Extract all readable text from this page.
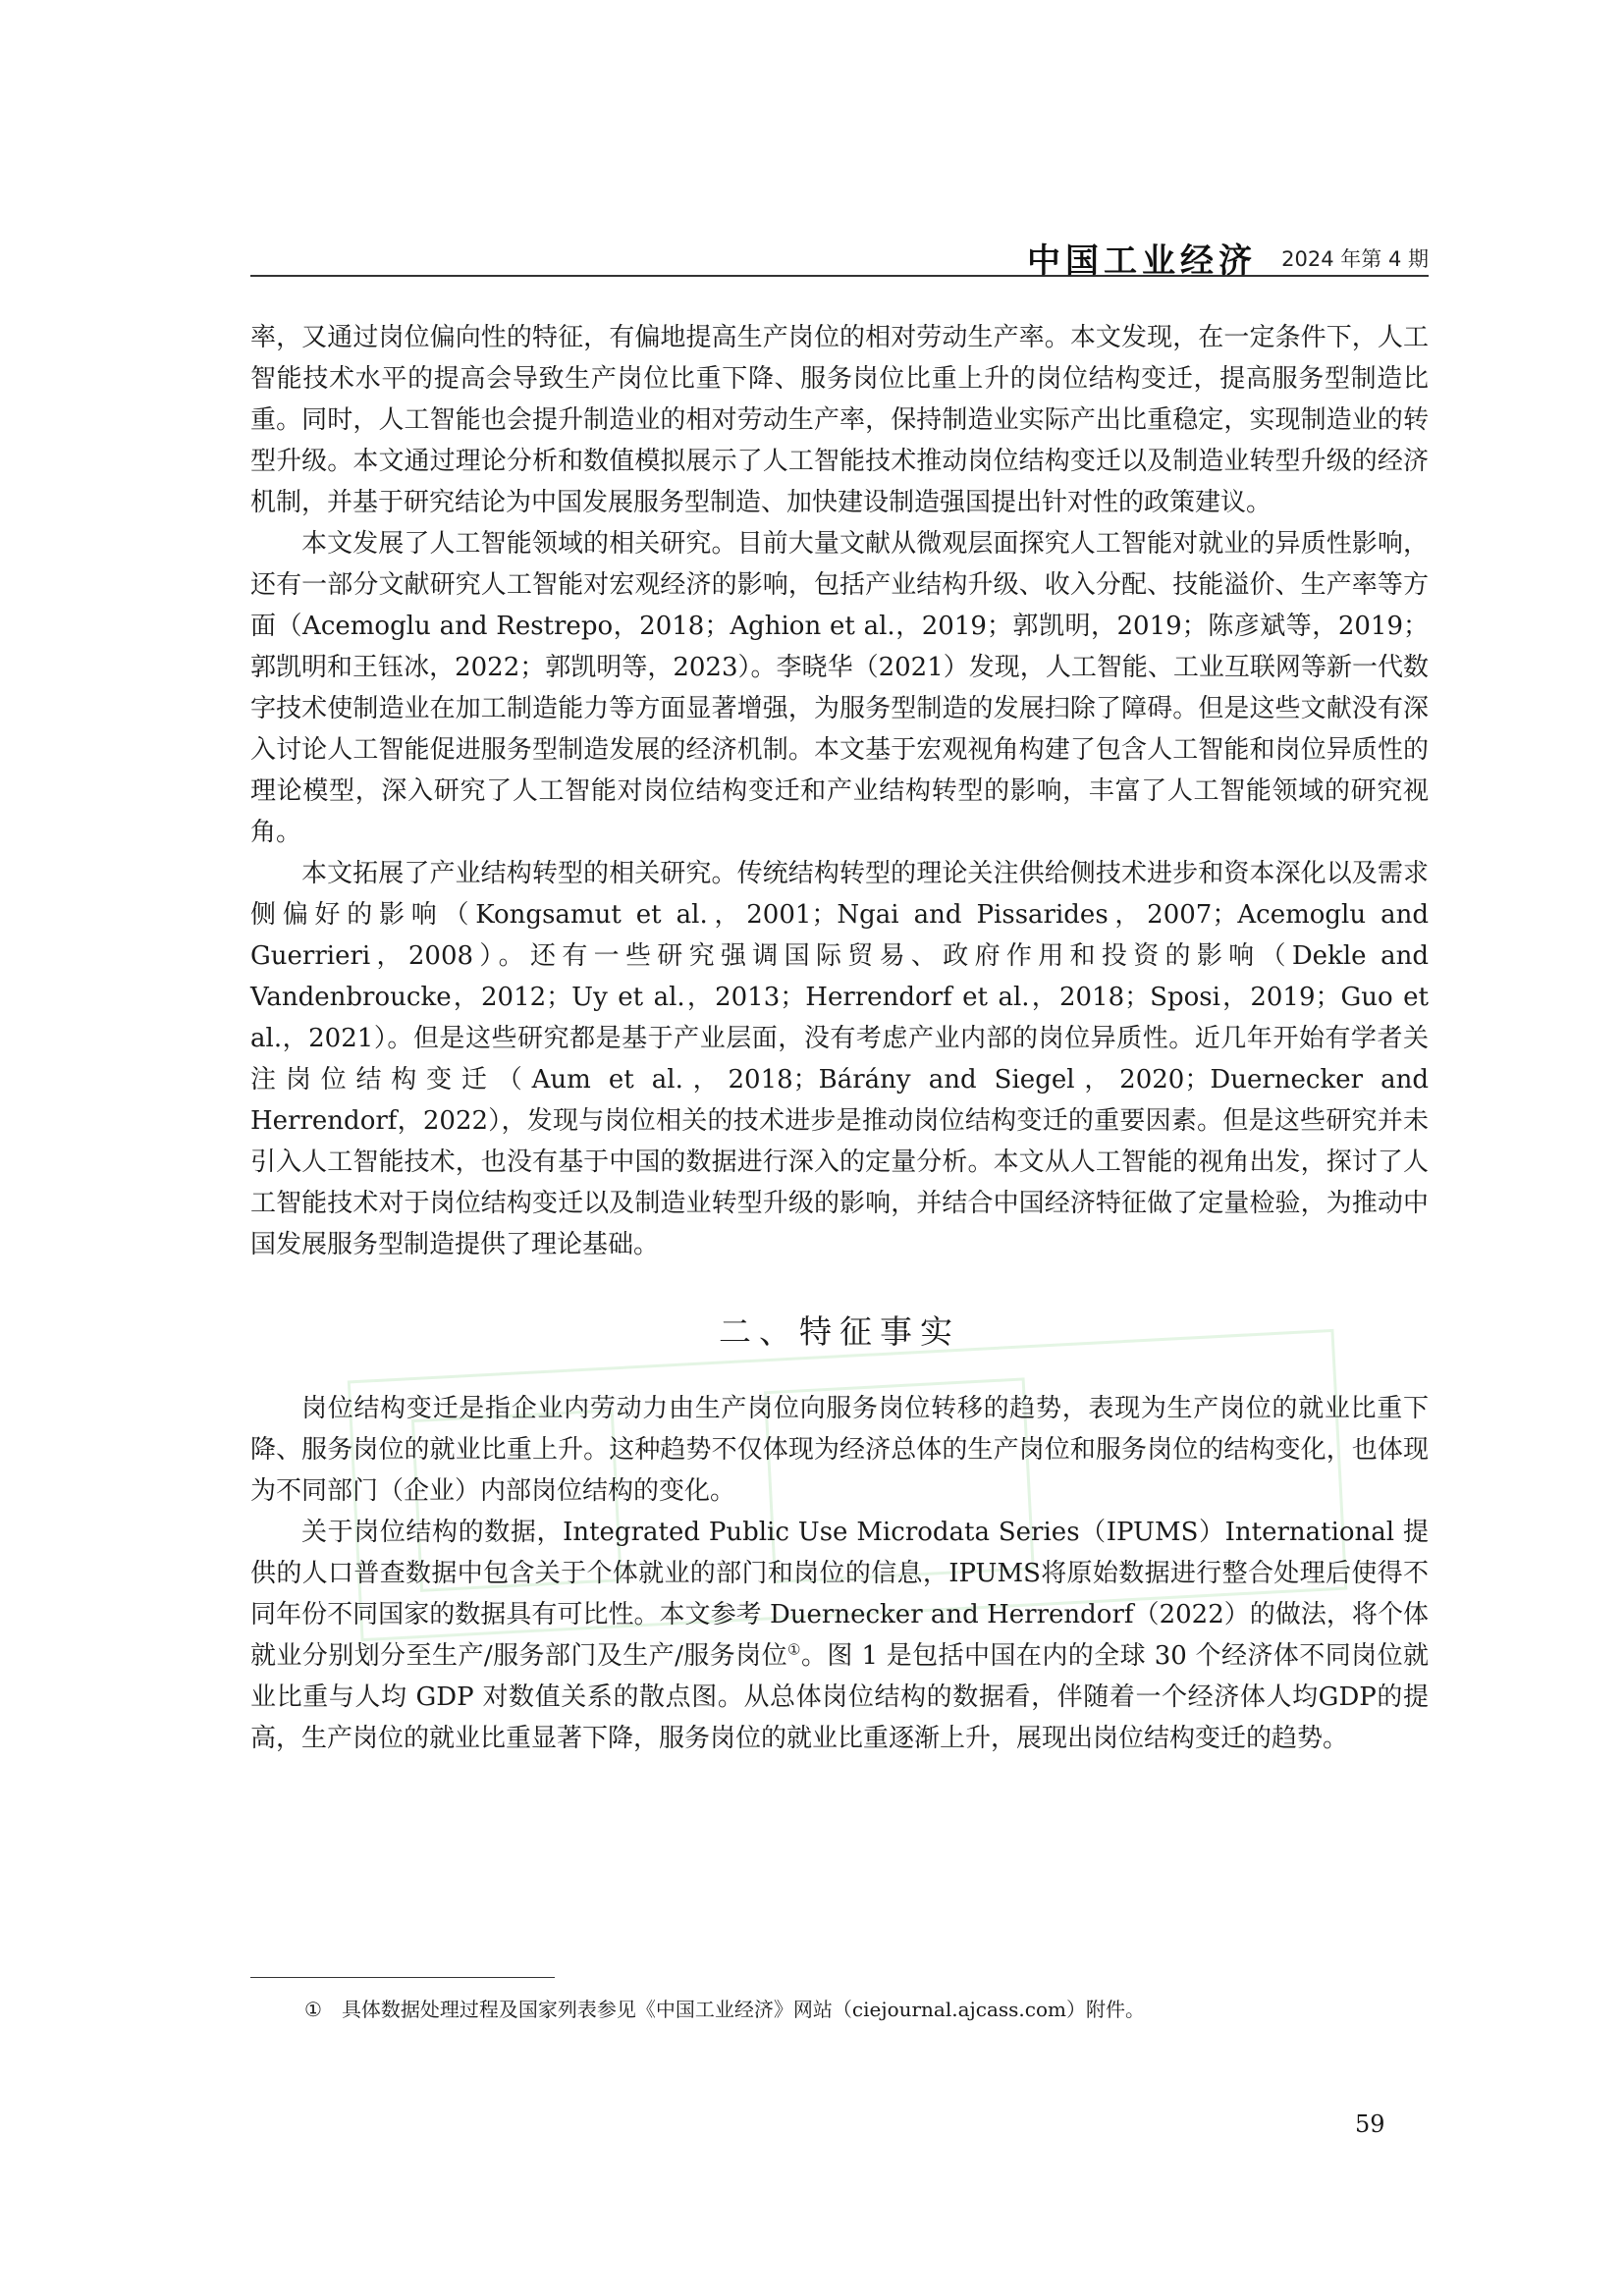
中国工业经济 2024 年第 4 期

率，又通过岗位偏向性的特征，有偏地提高生产岗位的相对劳动生产率。本文发现，在一定条件下，人工智能技术水平的提高会导致生产岗位比重下降、服务岗位比重上升的岗位结构变迁，提高服务型制造比重。同时，人工智能也会提升制造业的相对劳动生产率，保持制造业实际产出比重稳定，实现制造业的转型升级。本文通过理论分析和数值模拟展示了人工智能技术推动岗位结构变迁以及制造业转型升级的经济机制，并基于研究结论为中国发展服务型制造、加快建设制造强国提出针对性的政策建议。

本文发展了人工智能领域的相关研究。目前大量文献从微观层面探究人工智能对就业的异质性影响，还有一部分文献研究人工智能对宏观经济的影响，包括产业结构升级、收入分配、技能溢价、生产率等方面（Acemoglu and Restrepo，2018；Aghion et al.，2019；郭凯明，2019；陈彦斌等，2019；郭凯明和王钰冰，2022；郭凯明等，2023）。李晓华（2021）发现，人工智能、工业互联网等新一代数字技术使制造业在加工制造能力等方面显著增强，为服务型制造的发展扫除了障碍。但是这些文献没有深入讨论人工智能促进服务型制造发展的经济机制。本文基于宏观视角构建了包含人工智能和岗位异质性的理论模型，深入研究了人工智能对岗位结构变迁和产业结构转型的影响，丰富了人工智能领域的研究视角。

本文拓展了产业结构转型的相关研究。传统结构转型的理论关注供给侧技术进步和资本深化以及需求侧偏好的影响（Kongsamut et al.，2001；Ngai and Pissarides，2007；Acemoglu and Guerrieri，2008）。还有一些研究强调国际贸易、政府作用和投资的影响（Dekle and Vandenbroucke，2012；Uy et al.，2013；Herrendorf et al.，2018；Sposi，2019；Guo et al.，2021）。但是这些研究都是基于产业层面，没有考虑产业内部的岗位异质性。近几年开始有学者关注岗位结构变迁（Aum et al.，2018；Bárány and Siegel，2020；Duernecker and Herrendorf，2022），发现与岗位相关的技术进步是推动岗位结构变迁的重要因素。但是这些研究并未引入人工智能技术，也没有基于中国的数据进行深入的定量分析。本文从人工智能的视角出发，探讨了人工智能技术对于岗位结构变迁以及制造业转型升级的影响，并结合中国经济特征做了定量检验，为推动中国发展服务型制造提供了理论基础。

二、特征事实

岗位结构变迁是指企业内劳动力由生产岗位向服务岗位转移的趋势，表现为生产岗位的就业比重下降、服务岗位的就业比重上升。这种趋势不仅体现为经济总体的生产岗位和服务岗位的结构变化，也体现为不同部门（企业）内部岗位结构的变化。

关于岗位结构的数据，Integrated Public Use Microdata Series（IPUMS）International 提供的人口普查数据中包含关于个体就业的部门和岗位的信息，IPUMS将原始数据进行整合处理后使得不同年份不同国家的数据具有可比性。本文参考 Duernecker and Herrendorf（2022）的做法，将个体就业分别划分至生产/服务部门及生产/服务岗位①。图 1 是包括中国在内的全球 30 个经济体不同岗位就业比重与人均 GDP 对数值关系的散点图。从总体岗位结构的数据看，伴随着一个经济体人均GDP的提高，生产岗位的就业比重显著下降，服务岗位的就业比重逐渐上升，展现出岗位结构变迁的趋势。

① 具体数据处理过程及国家列表参见《中国工业经济》网站（ciejournal.ajcass.com）附件。
59
